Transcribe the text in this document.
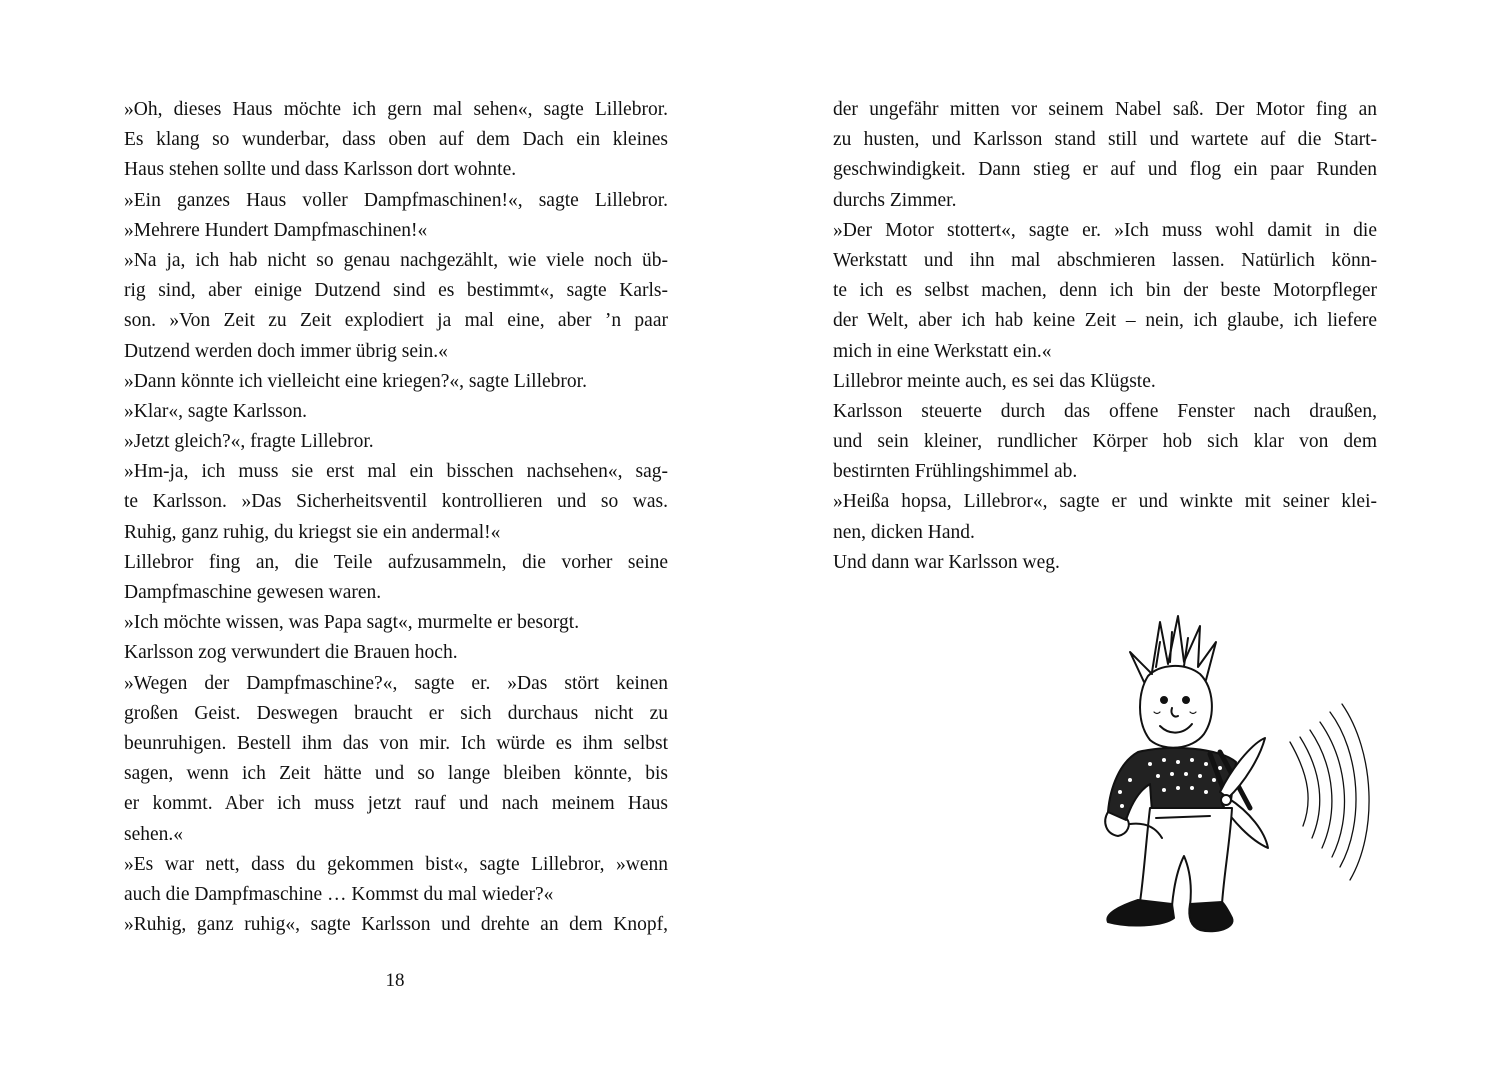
»Oh, dieses Haus möchte ich gern mal sehen«, sagte Lillebror.
Es klang so wunderbar, dass oben auf dem Dach ein kleines
Haus stehen sollte und dass Karlsson dort wohnte.
»Ein ganzes Haus voller Dampfmaschinen!«, sagte Lillebror.
»Mehrere Hundert Dampfmaschinen!«
»Na ja, ich hab nicht so genau nachgezählt, wie viele noch üb-
rig sind, aber einige Dutzend sind es bestimmt«, sagte Karls-
son. »Von Zeit zu Zeit explodiert ja mal eine, aber ’n paar
Dutzend werden doch immer übrig sein.«
»Dann könnte ich vielleicht eine kriegen?«, sagte Lillebror.
»Klar«, sagte Karlsson.
»Jetzt gleich?«, fragte Lillebror.
»Hm-ja, ich muss sie erst mal ein bisschen nachsehen«, sag-
te Karlsson. »Das Sicherheitsventil kontrollieren und so was.
Ruhig, ganz ruhig, du kriegst sie ein andermal!«
Lillebror fing an, die Teile aufzusammeln, die vorher seine
Dampfmaschine gewesen waren.
»Ich möchte wissen, was Papa sagt«, murmelte er besorgt.
Karlsson zog verwundert die Brauen hoch.
»Wegen der Dampfmaschine?«, sagte er. »Das stört keinen
großen Geist. Deswegen braucht er sich durchaus nicht zu
beunruhigen. Bestell ihm das von mir. Ich würde es ihm selbst
sagen, wenn ich Zeit hätte und so lange bleiben könnte, bis
er kommt. Aber ich muss jetzt rauf und nach meinem Haus
sehen.«
»Es war nett, dass du gekommen bist«, sagte Lillebror, »wenn
auch die Dampfmaschine … Kommst du mal wieder?«
»Ruhig, ganz ruhig«, sagte Karlsson und drehte an dem Knopf,
der ungefähr mitten vor seinem Nabel saß. Der Motor fing an
zu husten, und Karlsson stand still und wartete auf die Start-
geschwindigkeit. Dann stieg er auf und flog ein paar Runden
durchs Zimmer.
»Der Motor stottert«, sagte er. »Ich muss wohl damit in die
Werkstatt und ihn mal abschmieren lassen. Natürlich könn-
te ich es selbst machen, denn ich bin der beste Motorpfleger
der Welt, aber ich hab keine Zeit – nein, ich glaube, ich liefere
mich in eine Werkstatt ein.«
Lillebror meinte auch, es sei das Klügste.
Karlsson steuerte durch das offene Fenster nach draußen,
und sein kleiner, rundlicher Körper hob sich klar von dem
bestirnten Frühlingshimmel ab.
»Heißa hopsa, Lillebror«, sagte er und winkte mit seiner klei-
nen, dicken Hand.
Und dann war Karlsson weg.
18
